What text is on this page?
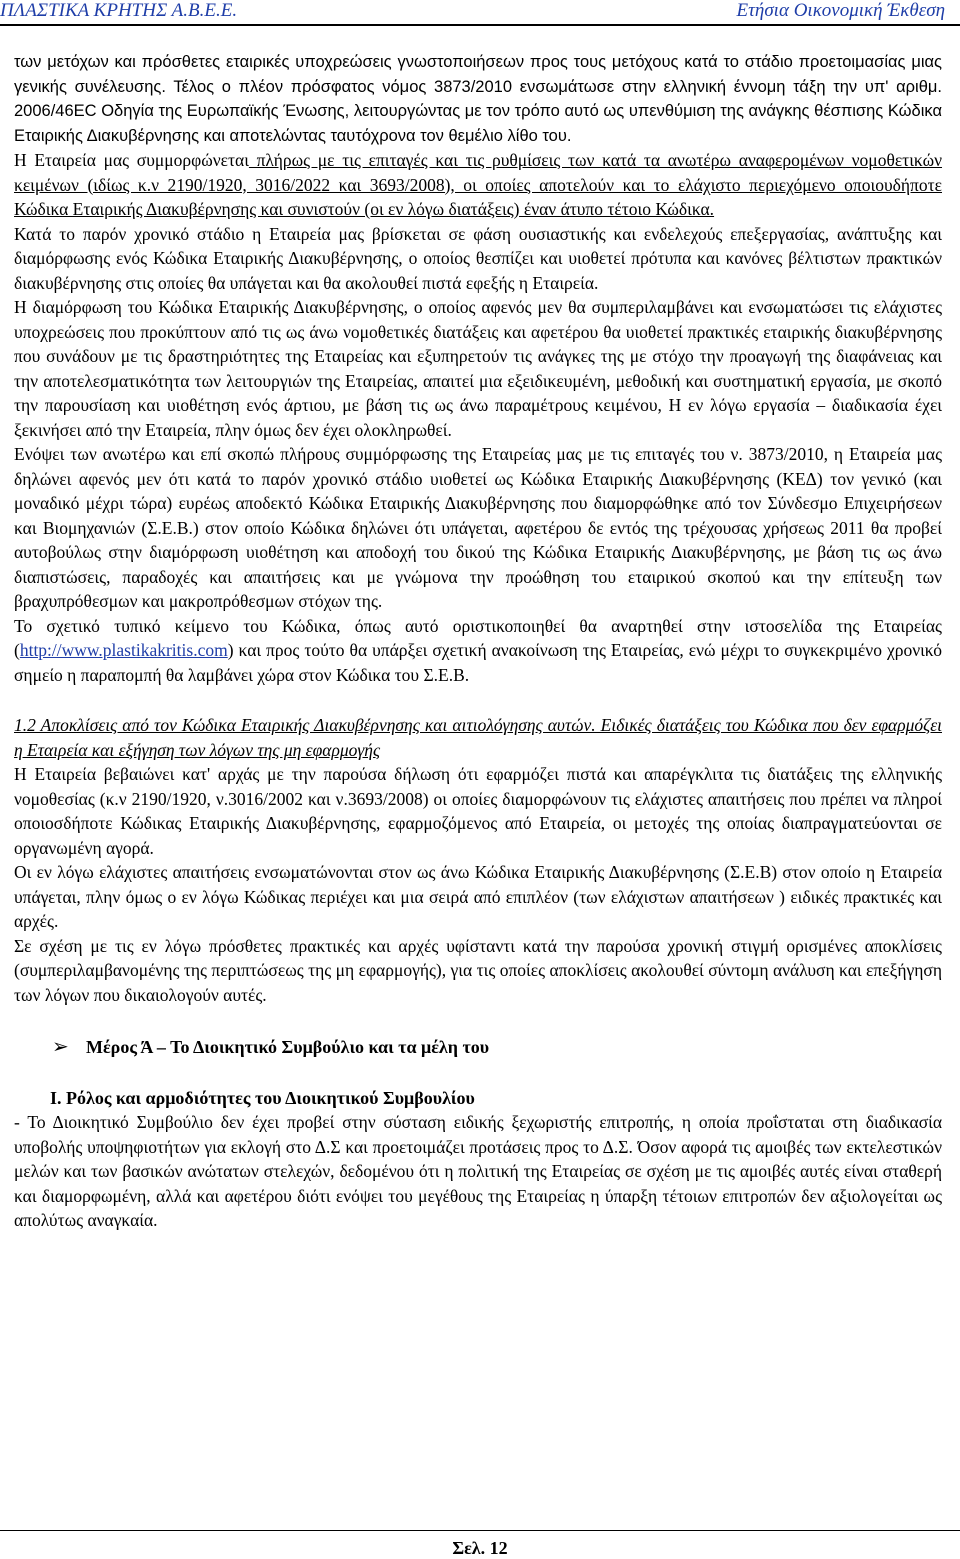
ΠΛΑΣΤΙΚΑ ΚΡΗΤΗΣ Α.Β.Ε.Ε.	Ετήσια Οικονομική Έκθεση

των μετόχων και πρόσθετες εταιρικές υποχρεώσεις γνωστοποιήσεων προς τους μετόχους κατά το στάδιο προετοιμασίας μιας γενικής συνέλευσης. Τέλος ο πλέον πρόσφατος νόμος 3873/2010 ενσωμάτωσε στην ελληνική έννομη τάξη την υπ' αριθμ. 2006/46ΕC Οδηγία της Ευρωπαϊκής Ένωσης, λειτουργώντας με τον τρόπο αυτό ως υπενθύμιση της ανάγκης θέσπισης Κώδικα Εταιρικής Διακυβέρνησης και αποτελώντας ταυτόχρονα τον θεμέλιο λίθο του.

Η Εταιρεία μας συμμορφώνεται πλήρως με τις επιταγές και τις ρυθμίσεις των κατά τα ανωτέρω αναφερομένων νομοθετικών κειμένων (ιδίως κ.ν 2190/1920, 3016/2022 και 3693/2008), οι οποίες αποτελούν και το ελάχιστο περιεχόμενο οποιουδήποτε Κώδικα Εταιρικής Διακυβέρνησης και συνιστούν (οι εν λόγω διατάξεις) έναν άτυπο τέτοιο Κώδικα.

Κατά το παρόν χρονικό στάδιο η Εταιρεία μας βρίσκεται σε φάση ουσιαστικής και ενδελεχούς επεξεργασίας, ανάπτυξης και διαμόρφωσης ενός Κώδικα Εταιρικής Διακυβέρνησης, ο οποίος θεσπίζει και υιοθετεί πρότυπα και κανόνες βέλτιστων πρακτικών διακυβέρνησης στις οποίες θα υπάγεται και θα ακολουθεί πιστά εφεξής η Εταιρεία.

Η διαμόρφωση του Κώδικα Εταιρικής Διακυβέρνησης, ο οποίος αφενός μεν θα συμπεριλαμβάνει και ενσωματώσει τις ελάχιστες υποχρεώσεις που προκύπτουν από τις ως άνω νομοθετικές διατάξεις και αφετέρου θα υιοθετεί πρακτικές εταιρικής διακυβέρνησης που συνάδουν με τις δραστηριότητες της Εταιρείας και εξυπηρετούν τις ανάγκες της με στόχο την προαγωγή της διαφάνειας και την αποτελεσματικότητα των λειτουργιών της Εταιρείας, απαιτεί μια εξειδικευμένη, μεθοδική και συστηματική εργασία, με σκοπό την παρουσίαση και υιοθέτηση ενός άρτιου, με βάση τις ως άνω παραμέτρους κειμένου, Η εν λόγω εργασία – διαδικασία έχει ξεκινήσει από την Εταιρεία, πλην όμως δεν έχει ολοκληρωθεί.

Ενόψει των ανωτέρω και επί σκοπώ πλήρους συμμόρφωσης της Εταιρείας μας με τις επιταγές του ν. 3873/2010, η Εταιρεία μας δηλώνει αφενός μεν ότι κατά το παρόν χρονικό στάδιο υιοθετεί ως Κώδικα Εταιρικής Διακυβέρνησης (ΚΕΔ) τον γενικό (και μοναδικό μέχρι τώρα) ευρέως αποδεκτό Κώδικα Εταιρικής Διακυβέρνησης που διαμορφώθηκε από τον Σύνδεσμο Επιχειρήσεων και Βιομηχανιών (Σ.Ε.Β.) στον οποίο Κώδικα δηλώνει ότι υπάγεται, αφετέρου δε εντός της τρέχουσας χρήσεως 2011 θα προβεί αυτοβούλως στην διαμόρφωση υιοθέτηση και αποδοχή του δικού της Κώδικα Εταιρικής Διακυβέρνησης, με βάση τις ως άνω διαπιστώσεις, παραδοχές και απαιτήσεις και με γνώμονα την προώθηση του εταιρικού σκοπού και την επίτευξη των βραχυπρόθεσμων και μακροπρόθεσμων στόχων της.

Το σχετικό τυπικό κείμενο του Κώδικα, όπως αυτό οριστικοποιηθεί θα αναρτηθεί στην ιστοσελίδα της Εταιρείας (http://www.plastikakritis.com) και προς τούτο θα υπάρξει σχετική ανακοίνωση της Εταιρείας, ενώ μέχρι το συγκεκριμένο χρονικό σημείο η παραπομπή θα λαμβάνει χώρα στον Κώδικα του Σ.Ε.Β.

1.2 Αποκλίσεις από τον Κώδικα Εταιρικής Διακυβέρνησης και αιτιολόγησης αυτών. Ειδικές διατάξεις του Κώδικα που δεν εφαρμόζει η Εταιρεία και εξήγηση των λόγων της μη εφαρμογής

Η Εταιρεία βεβαιώνει κατ' αρχάς με την παρούσα δήλωση ότι εφαρμόζει πιστά και απαρέγκλιτα τις διατάξεις της ελληνικής νομοθεσίας (κ.ν 2190/1920, ν.3016/2002 και ν.3693/2008) οι οποίες διαμορφώνουν τις ελάχιστες απαιτήσεις που πρέπει να πληροί οποιοσδήποτε Κώδικας Εταιρικής Διακυβέρνησης, εφαρμοζόμενος από Εταιρεία, οι μετοχές της οποίας διαπραγματεύονται σε οργανωμένη αγορά.

Οι εν λόγω ελάχιστες απαιτήσεις ενσωματώνονται στον ως άνω Κώδικα Εταιρικής Διακυβέρνησης (Σ.Ε.Β) στον οποίο η Εταιρεία υπάγεται, πλην όμως ο εν λόγω Κώδικας περιέχει και μια σειρά από επιπλέον (των ελάχιστων απαιτήσεων ) ειδικές πρακτικές και αρχές.

Σε σχέση με τις εν λόγω πρόσθετες πρακτικές και αρχές υφίσταντι κατά την παρούσα χρονική στιγμή ορισμένες αποκλίσεις (συμπεριλαμβανομένης της περιπτώσεως της μη εφαρμογής), για τις οποίες αποκλίσεις ακολουθεί σύντομη ανάλυση και επεξήγηση των λόγων που δικαιολογούν αυτές.

➢ Μέρος Ά – Το Διοικητικό Συμβούλιο και τα μέλη του

I. Ρόλος και αρμοδιότητες του Διοικητικού Συμβουλίου

- Το Διοικητικό Συμβούλιο δεν έχει προβεί στην σύσταση ειδικής ξεχωριστής επιτροπής, η οποία προΐσταται στη διαδικασία υποβολής υποψηφιοτήτων για εκλογή στο Δ.Σ και προετοιμάζει προτάσεις προς το Δ.Σ. Όσον αφορά τις αμοιβές των εκτελεστικών μελών και των βασικών ανώτατων στελεχών, δεδομένου ότι η πολιτική της Εταιρείας σε σχέση με τις αμοιβές αυτές είναι σταθερή και διαμορφωμένη, αλλά και αφετέρου διότι ενόψει του μεγέθους της Εταιρείας η ύπαρξη τέτοιων επιτροπών δεν αξιολογείται ως απολύτως αναγκαία.

Σελ. 12
